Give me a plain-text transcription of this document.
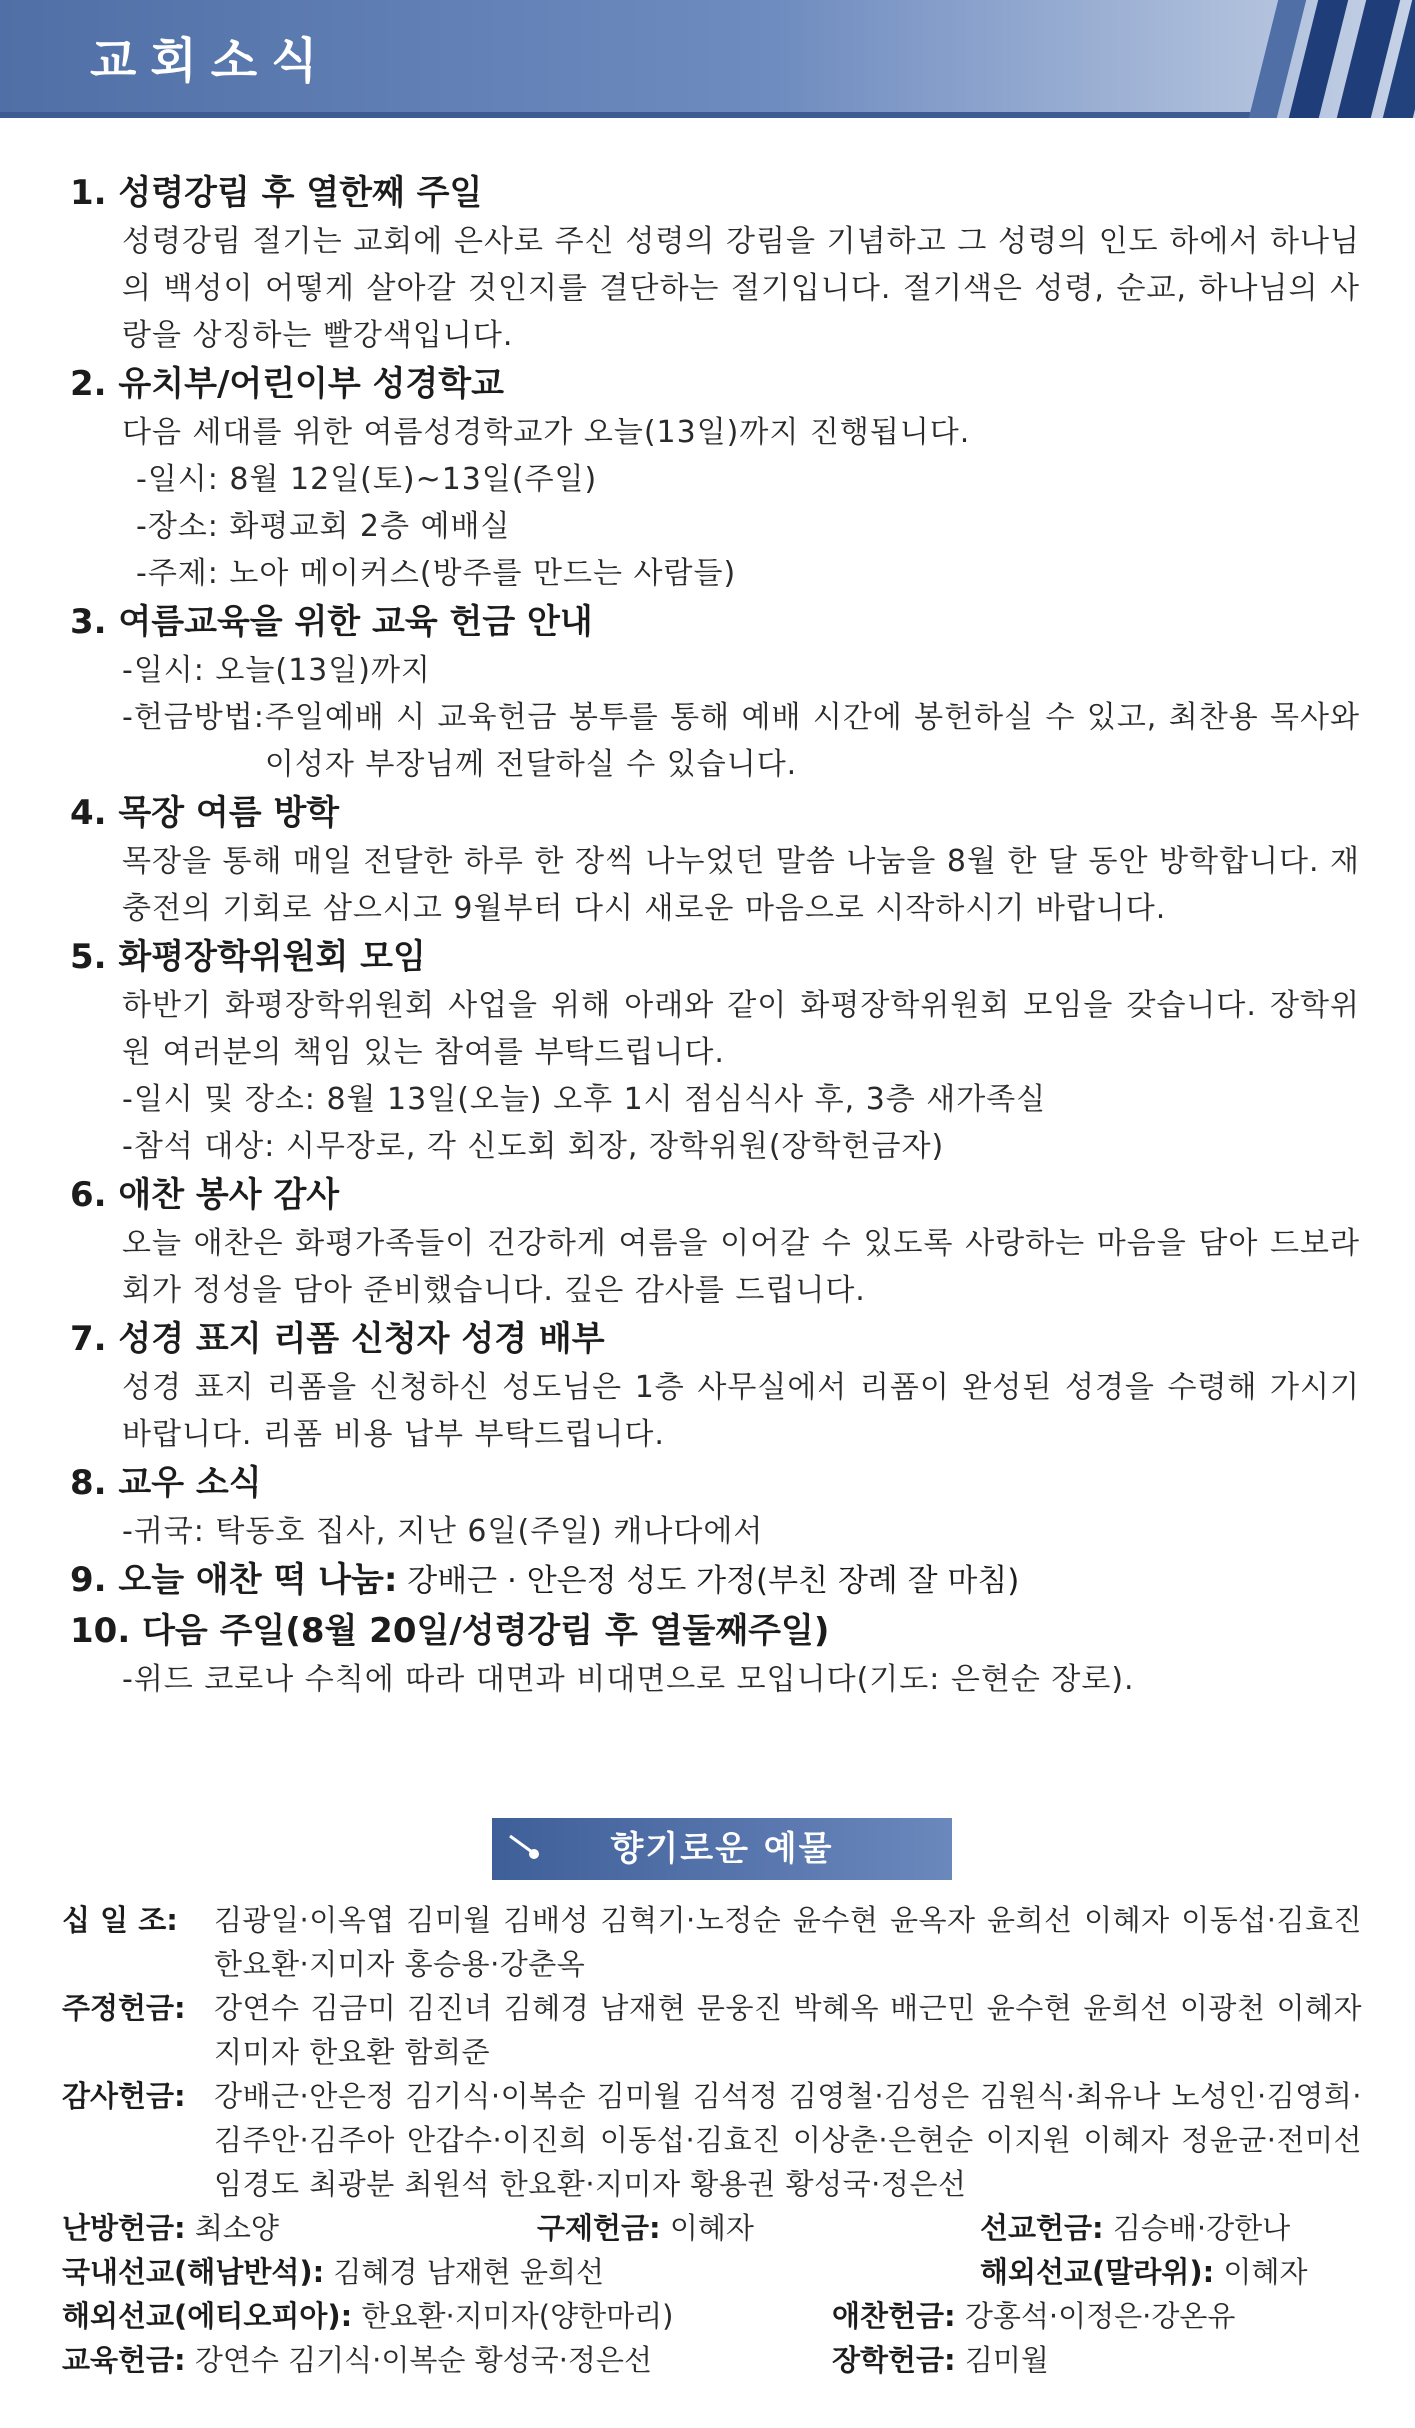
교회소식
1. 성령강림 후 열한째 주일
성령강림 절기는 교회에 은사로 주신 성령의 강림을 기념하고 그 성령의 인도 하에서 하나님의 백성이 어떻게 살아갈 것인지를 결단하는 절기입니다. 절기색은 성령, 순교, 하나님의 사랑을 상징하는 빨강색입니다.
2. 유치부/어린이부 성경학교
다음 세대를 위한 여름성경학교가 오늘(13일)까지 진행됩니다.
-일시: 8월 12일(토)~13일(주일)
-장소: 화평교회 2층 예배실
-주제: 노아 메이커스(방주를 만드는 사람들)
3. 여름교육을 위한 교육 헌금 안내
-일시: 오늘(13일)까지
-헌금방법: 주일예배 시 교육헌금 봉투를 통해 예배 시간에 봉헌하실 수 있고, 최찬용 목사와 이성자 부장님께 전달하실 수 있습니다.
4. 목장 여름 방학
목장을 통해 매일 전달한 하루 한 장씩 나누었던 말씀 나눔을 8월 한 달 동안 방학합니다. 재충전의 기회로 삼으시고 9월부터 다시 새로운 마음으로 시작하시기 바랍니다.
5. 화평장학위원회 모임
하반기 화평장학위원회 사업을 위해 아래와 같이 화평장학위원회 모임을 갖습니다. 장학위원 여러분의 책임 있는 참여를 부탁드립니다.
-일시 및 장소: 8월 13일(오늘) 오후 1시 점심식사 후, 3층 새가족실
-참석 대상: 시무장로, 각 신도회 회장, 장학위원(장학헌금자)
6. 애찬 봉사 감사
오늘 애찬은 화평가족들이 건강하게 여름을 이어갈 수 있도록 사랑하는 마음을 담아 드보라회가 정성을 담아 준비했습니다. 깊은 감사를 드립니다.
7. 성경 표지 리폼 신청자 성경 배부
성경 표지 리폼을 신청하신 성도님은 1층 사무실에서 리폼이 완성된 성경을 수령해 가시기 바랍니다. 리폼 비용 납부 부탁드립니다.
8. 교우 소식
-귀국: 탁동호 집사, 지난 6일(주일) 캐나다에서
9. 오늘 애찬 떡 나눔: 강배근 · 안은정 성도 가정(부친 장례 잘 마침)
10. 다음 주일(8월 20일/성령강림 후 열둘째주일)
-위드 코로나 수칙에 따라 대면과 비대면으로 모입니다(기도: 은현순 장로).
향기로운 예물
십 일 조:	김광일·이옥엽 김미월 김배성 김혁기·노정순 윤수현 윤옥자 윤희선 이혜자 이동섭·김효진 한요환·지미자 홍승용·강춘옥
주정헌금: 강연수 김금미 김진녀 김혜경 남재현 문웅진 박혜옥 배근민 윤수현 윤희선 이광천 이혜자 지미자 한요환 함희준
감사헌금: 강배근·안은정 김기식·이복순 김미월 김석정 김영철·김성은 김원식·최유나 노성인·김영희·김주안·김주아 안갑수·이진희 이동섭·김효진 이상춘·은현순 이지원 이혜자 정윤균·전미선 임경도 최광분 최원석 한요환·지미자 황용권 황성국·정은선
난방헌금: 최소양	구제헌금: 이혜자	선교헌금: 김승배·강한나
국내선교(해남반석): 김혜경 남재현 윤희선	해외선교(말라위): 이혜자
해외선교(에티오피아): 한요환·지미자(양한마리)	애찬헌금: 강홍석·이정은·강온유
교육헌금: 강연수 김기식·이복순 황성국·정은선	장학헌금: 김미월
